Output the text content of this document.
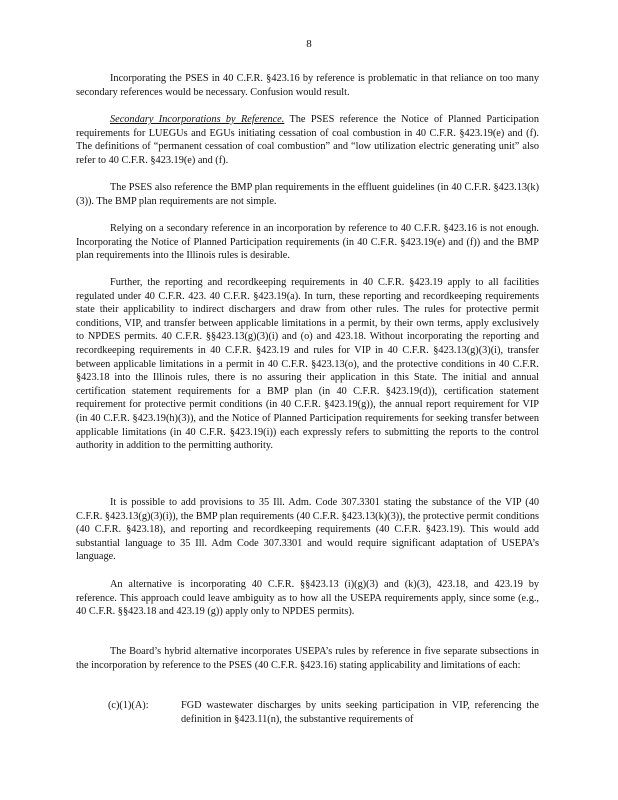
8

Incorporating the PSES in 40 C.F.R. §423.16 by reference is problematic in that reliance on too many secondary references would be necessary. Confusion would result.

Secondary Incorporations by Reference. The PSES reference the Notice of Planned Participation requirements for LUEGUs and EGUs initiating cessation of coal combustion in 40 C.F.R. §423.19(e) and (f). The definitions of “permanent cessation of coal combustion” and “low utilization electric generating unit” also refer to 40 C.F.R. §423.19(e) and (f).

The PSES also reference the BMP plan requirements in the effluent guidelines (in 40 C.F.R. §423.13(k)(3)). The BMP plan requirements are not simple.

Relying on a secondary reference in an incorporation by reference to 40 C.F.R. §423.16 is not enough. Incorporating the Notice of Planned Participation requirements (in 40 C.F.R. §423.19(e) and (f)) and the BMP plan requirements into the Illinois rules is desirable.

Further, the reporting and recordkeeping requirements in 40 C.F.R. §423.19 apply to all facilities regulated under 40 C.F.R. 423. 40 C.F.R. §423.19(a). In turn, these reporting and recordkeeping requirements state their applicability to indirect dischargers and draw from other rules. The rules for protective permit conditions, VIP, and transfer between applicable limitations in a permit, by their own terms, apply exclusively to NPDES permits. 40 C.F.R. §§423.13(g)(3)(i) and (o) and 423.18. Without incorporating the reporting and recordkeeping requirements in 40 C.F.R. §423.19 and rules for VIP in 40 C.F.R. §423.13(g)(3)(i), transfer between applicable limitations in a permit in 40 C.F.R. §423.13(o), and the protective conditions in 40 C.F.R. §423.18 into the Illinois rules, there is no assuring their application in this State. The initial and annual certification statement requirements for a BMP plan (in 40 C.F.R. §423.19(d)), certification statement requirement for protective permit conditions (in 40 C.F.R. §423.19(g)), the annual report requirement for VIP (in 40 C.F.R. §423.19(h)(3)), and the Notice of Planned Participation requirements for seeking transfer between applicable limitations (in 40 C.F.R. §423.19(i)) each expressly refers to submitting the reports to the control authority in addition to the permitting authority.

It is possible to add provisions to 35 Ill. Adm. Code 307.3301 stating the substance of the VIP (40 C.F.R. §423.13(g)(3)(i)), the BMP plan requirements (40 C.F.R. §423.13(k)(3)), the protective permit conditions (40 C.F.R. §423.18), and reporting and recordkeeping requirements (40 C.F.R. §423.19). This would add substantial language to 35 Ill. Adm Code 307.3301 and would require significant adaptation of USEPA’s language.

An alternative is incorporating 40 C.F.R. §§423.13 (i)(g)(3) and (k)(3), 423.18, and 423.19 by reference. This approach could leave ambiguity as to how all the USEPA requirements apply, since some (e.g., 40 C.F.R. §§423.18 and 423.19 (g)) apply only to NPDES permits).

The Board’s hybrid alternative incorporates USEPA’s rules by reference in five separate subsections in the incorporation by reference to the PSES (40 C.F.R. §423.16) stating applicability and limitations of each:

(c)(1)(A):	FGD wastewater discharges by units seeking participation in VIP, referencing the definition in §423.11(n), the substantive requirements of
